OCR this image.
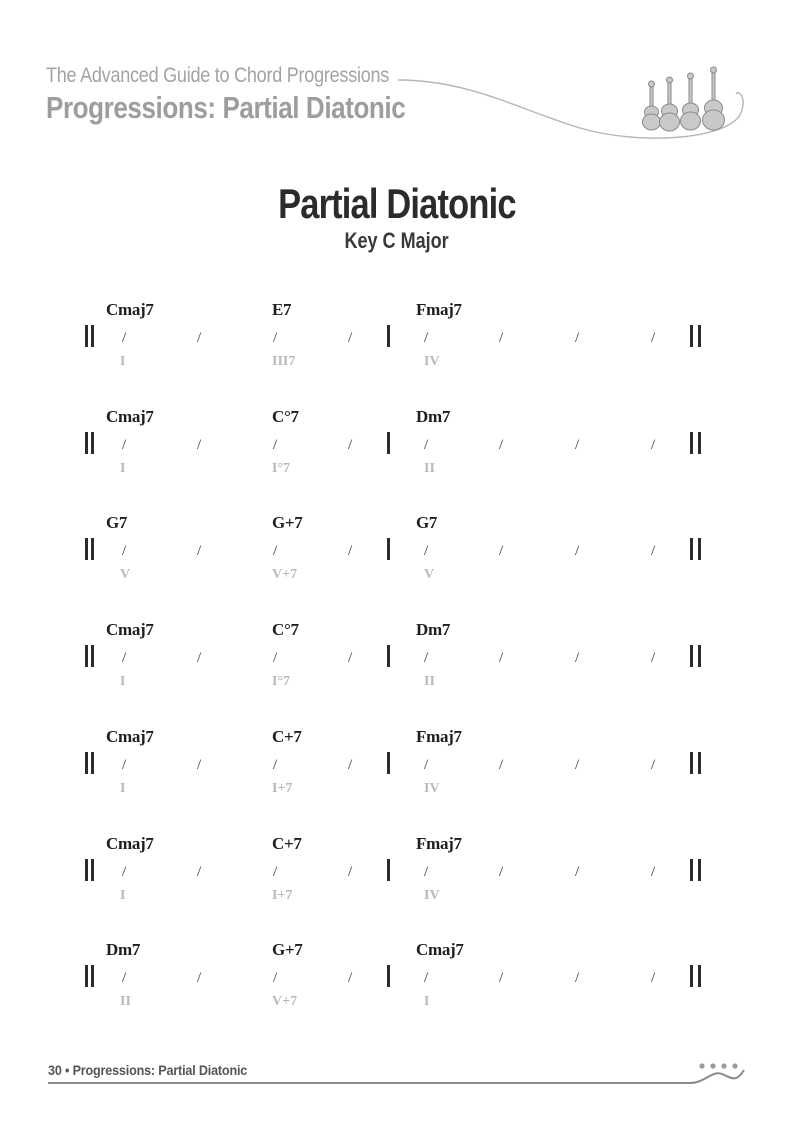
The Advanced Guide to Chord Progressions
Progressions: Partial Diatonic
Partial Diatonic
Key C Major
Cmaj7	E7	Fmaj7
I	III7	IV
/	/	/	/	/	/	/	/
Cmaj7	C°7	Dm7
I	I°7	II
/	/	/	/	/	/	/	/
G7	G+7	G7
V	V+7	V
/	/	/	/	/	/	/	/
Cmaj7	C°7	Dm7
I	I°7	II
/	/	/	/	/	/	/	/
Cmaj7	C+7	Fmaj7
I	I+7	IV
/	/	/	/	/	/	/	/
Cmaj7	C+7	Fmaj7
I	I+7	IV
/	/	/	/	/	/	/	/
Dm7	G+7	Cmaj7
II	V+7	I
/	/	/	/	/	/	/	/
30 • Progressions: Partial Diatonic
